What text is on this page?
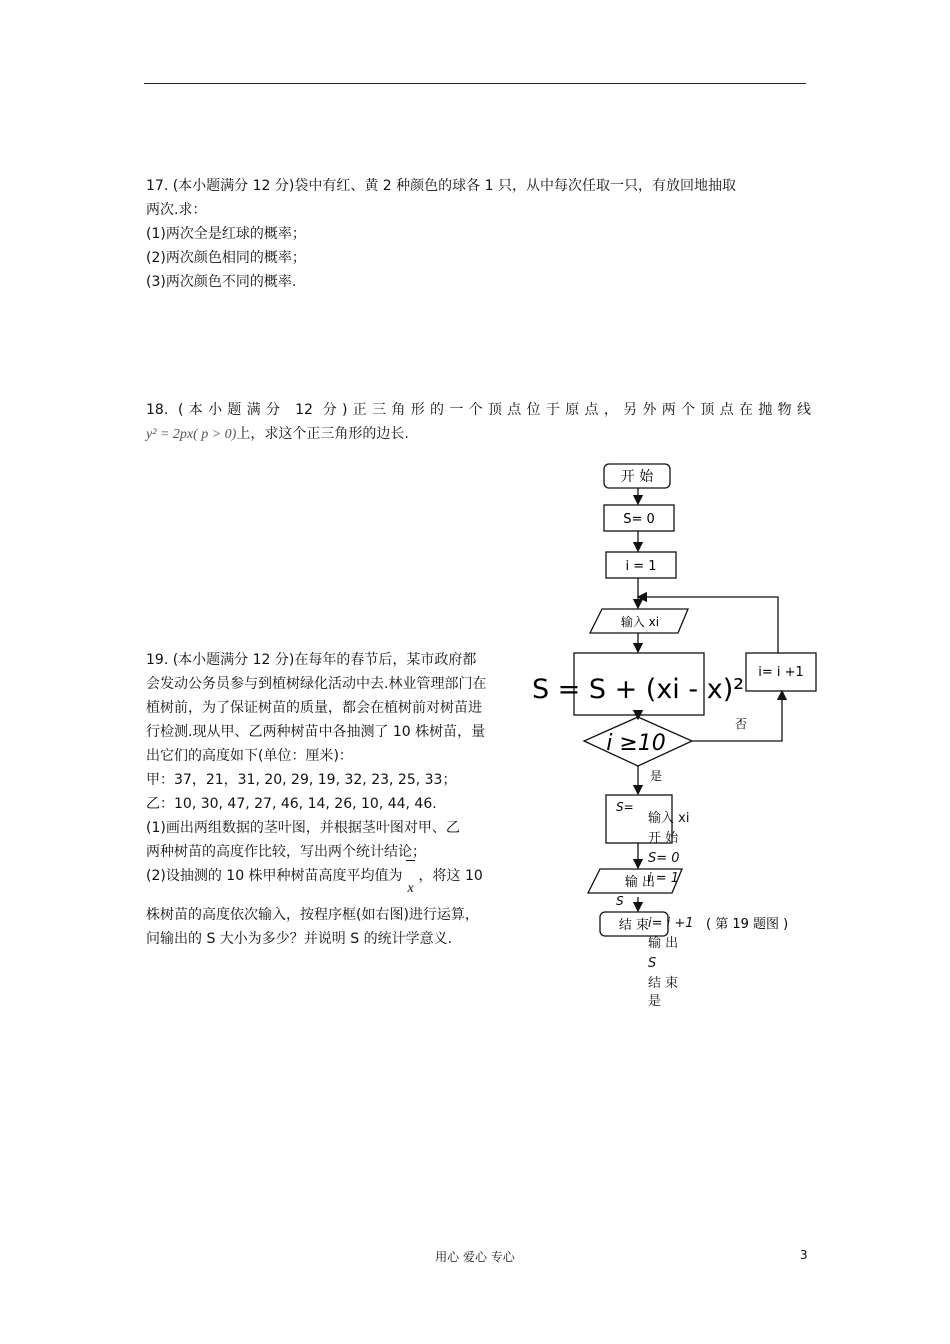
17. (本小题满分 12 分)袋中有红、黄 2 种颜色的球各 1 只，从中每次任取一只，有放回地抽取
两次.求：
(1)两次全是红球的概率；
(2)两次颜色相同的概率；
(3)两次颜色不同的概率.
18. (本小题满分 12 分)正三角形的一个顶点位于原点，另外两个顶点在抛物线
y² = 2px( p > 0)上，求这个正三角形的边长.
19. (本小题满分 12 分)在每年的春节后，某市政府都
会发动公务员参与到植树绿化活动中去.林业管理部门在
植树前，为了保证树苗的质量，都会在植树前对树苗进
行检测.现从甲、乙两种树苗中各抽测了 10 株树苗，量
出它们的高度如下(单位：厘米)：
甲：37，21，31, 20, 29, 19, 32, 23, 25, 33；
乙：10, 30, 47, 27, 46, 14, 26, 10, 44, 46.
(1)画出两组数据的茎叶图，并根据茎叶图对甲、乙
两种树苗的高度作比较，写出两个统计结论；
(2)设抽测的 10 株甲种树苗高度平均值为
x，将这 10
株树苗的高度依次输入，按程序框(如右图)进行运算，
问输出的 S 大小为多少？并说明 S 的统计学意义.
开 始
S= 0
i = 1
输入 xi
S = S + (xi - x)²
i ≥10
否
i= i +1
是
S=
输 出
S
结 束	( 第 19 题图 )
输入 xi
开 始
S= 0
i = 1
i= i +1
输 出
S
结 束
是
用心 爱心 专心	3
